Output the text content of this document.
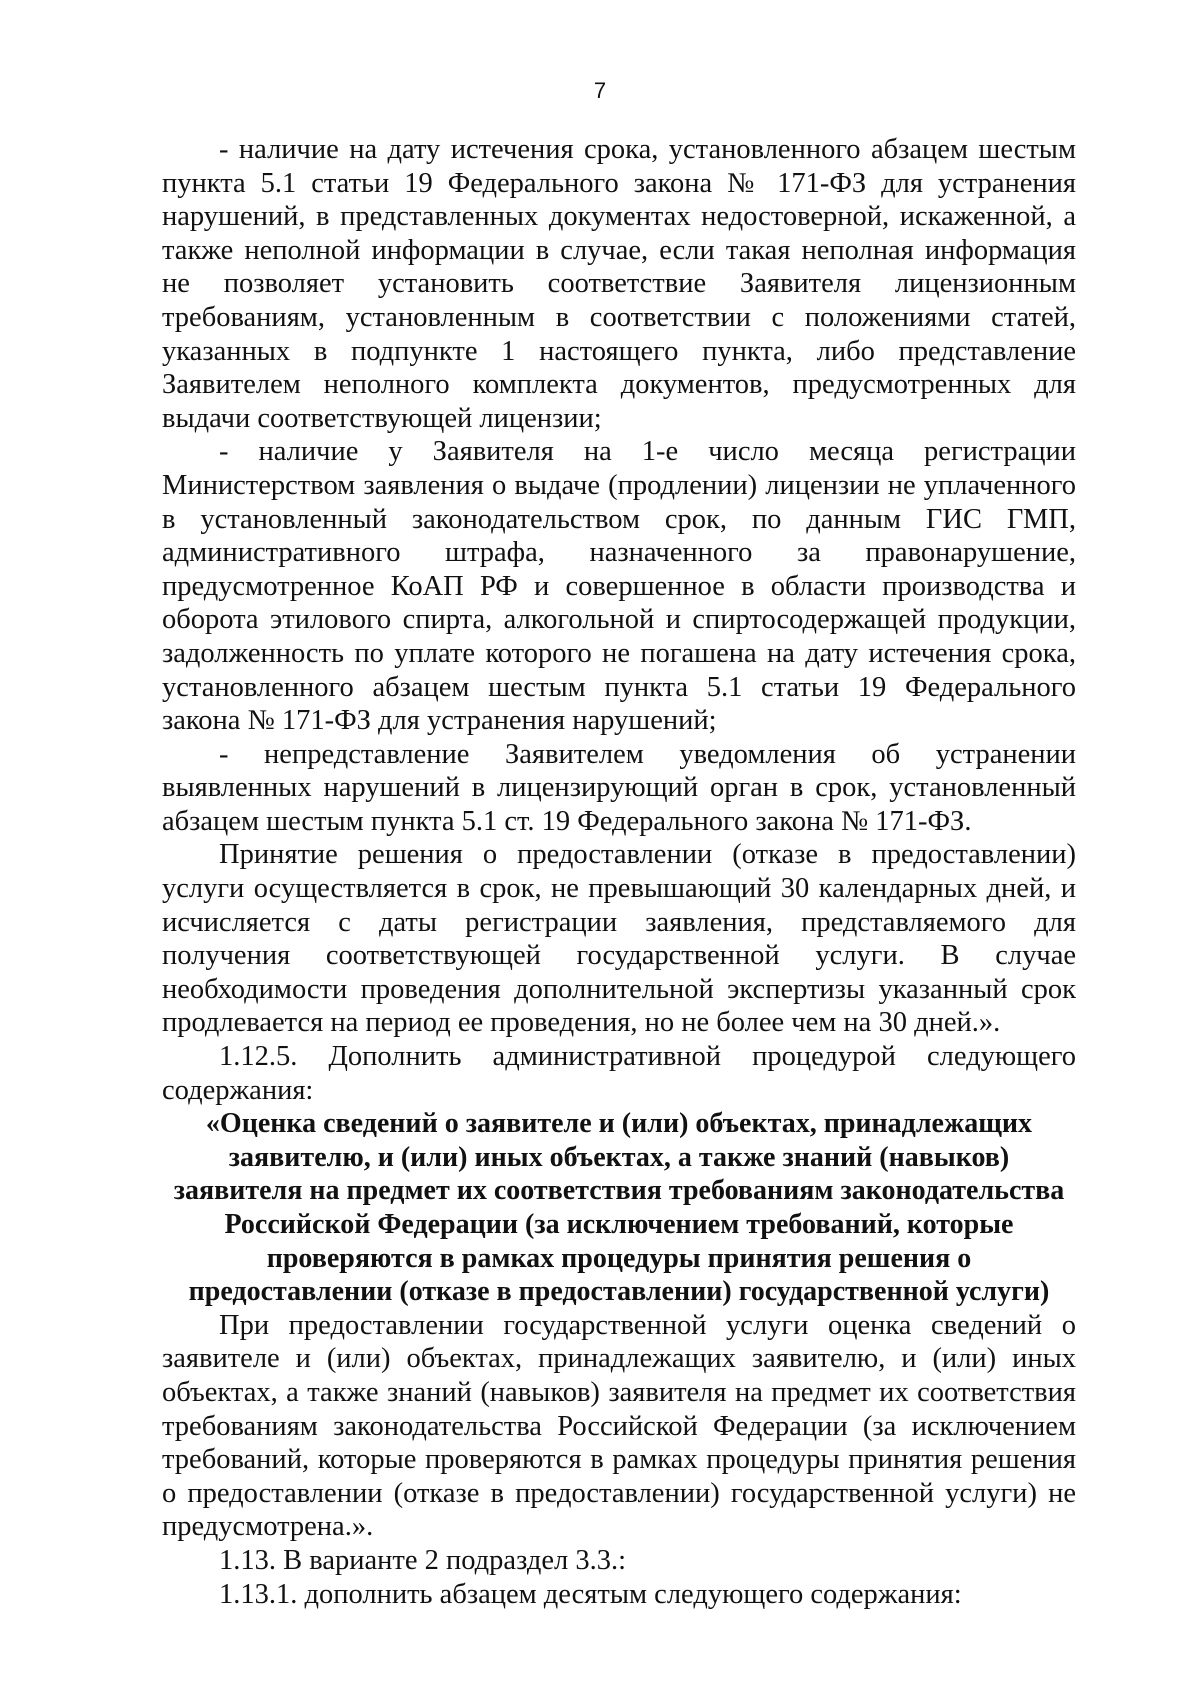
7

- наличие на дату истечения срока, установленного абзацем шестым пункта 5.1 статьи 19 Федерального закона № 171-ФЗ для устранения нарушений, в представленных документах недостоверной, искаженной, а также неполной информации в случае, если такая неполная информация не позволяет установить соответствие Заявителя лицензионным требованиям, установленным в соответствии с положениями статей, указанных в подпункте 1 настоящего пункта, либо представление Заявителем неполного комплекта документов, предусмотренных для выдачи соответствующей лицензии;

- наличие у Заявителя на 1-е число месяца регистрации Министерством заявления о выдаче (продлении) лицензии не уплаченного в установленный законодательством срок, по данным ГИС ГМП, административного штрафа, назначенного за правонарушение, предусмотренное КоАП РФ и совершенное в области производства и оборота этилового спирта, алкогольной и спиртосодержащей продукции, задолженность по уплате которого не погашена на дату истечения срока, установленного абзацем шестым пункта 5.1 статьи 19 Федерального закона № 171-ФЗ для устранения нарушений;

- непредставление Заявителем уведомления об устранении выявленных нарушений в лицензирующий орган в срок, установленный абзацем шестым пункта 5.1 ст. 19 Федерального закона № 171-ФЗ.

Принятие решения о предоставлении (отказе в предоставлении) услуги осуществляется в срок, не превышающий 30 календарных дней, и исчисляется с даты регистрации заявления, представляемого для получения соответствующей государственной услуги. В случае необходимости проведения дополнительной экспертизы указанный срок продлевается на период ее проведения, но не более чем на 30 дней.».

1.12.5. Дополнить административной процедурой следующего содержания:

«Оценка сведений о заявителе и (или) объектах, принадлежащих
заявителю, и (или) иных объектах, а также знаний (навыков)
заявителя на предмет их соответствия требованиям законодательства
Российской Федерации (за исключением требований, которые
проверяются в рамках процедуры принятия решения о
предоставлении (отказе в предоставлении) государственной услуги)

При предоставлении государственной услуги оценка сведений о заявителе и (или) объектах, принадлежащих заявителю, и (или) иных объектах, а также знаний (навыков) заявителя на предмет их соответствия требованиям законодательства Российской Федерации (за исключением требований, которые проверяются в рамках процедуры принятия решения о предоставлении (отказе в предоставлении) государственной услуги) не предусмотрена.».

1.13. В варианте 2 подраздел 3.3.:

1.13.1. дополнить абзацем десятым следующего содержания:
